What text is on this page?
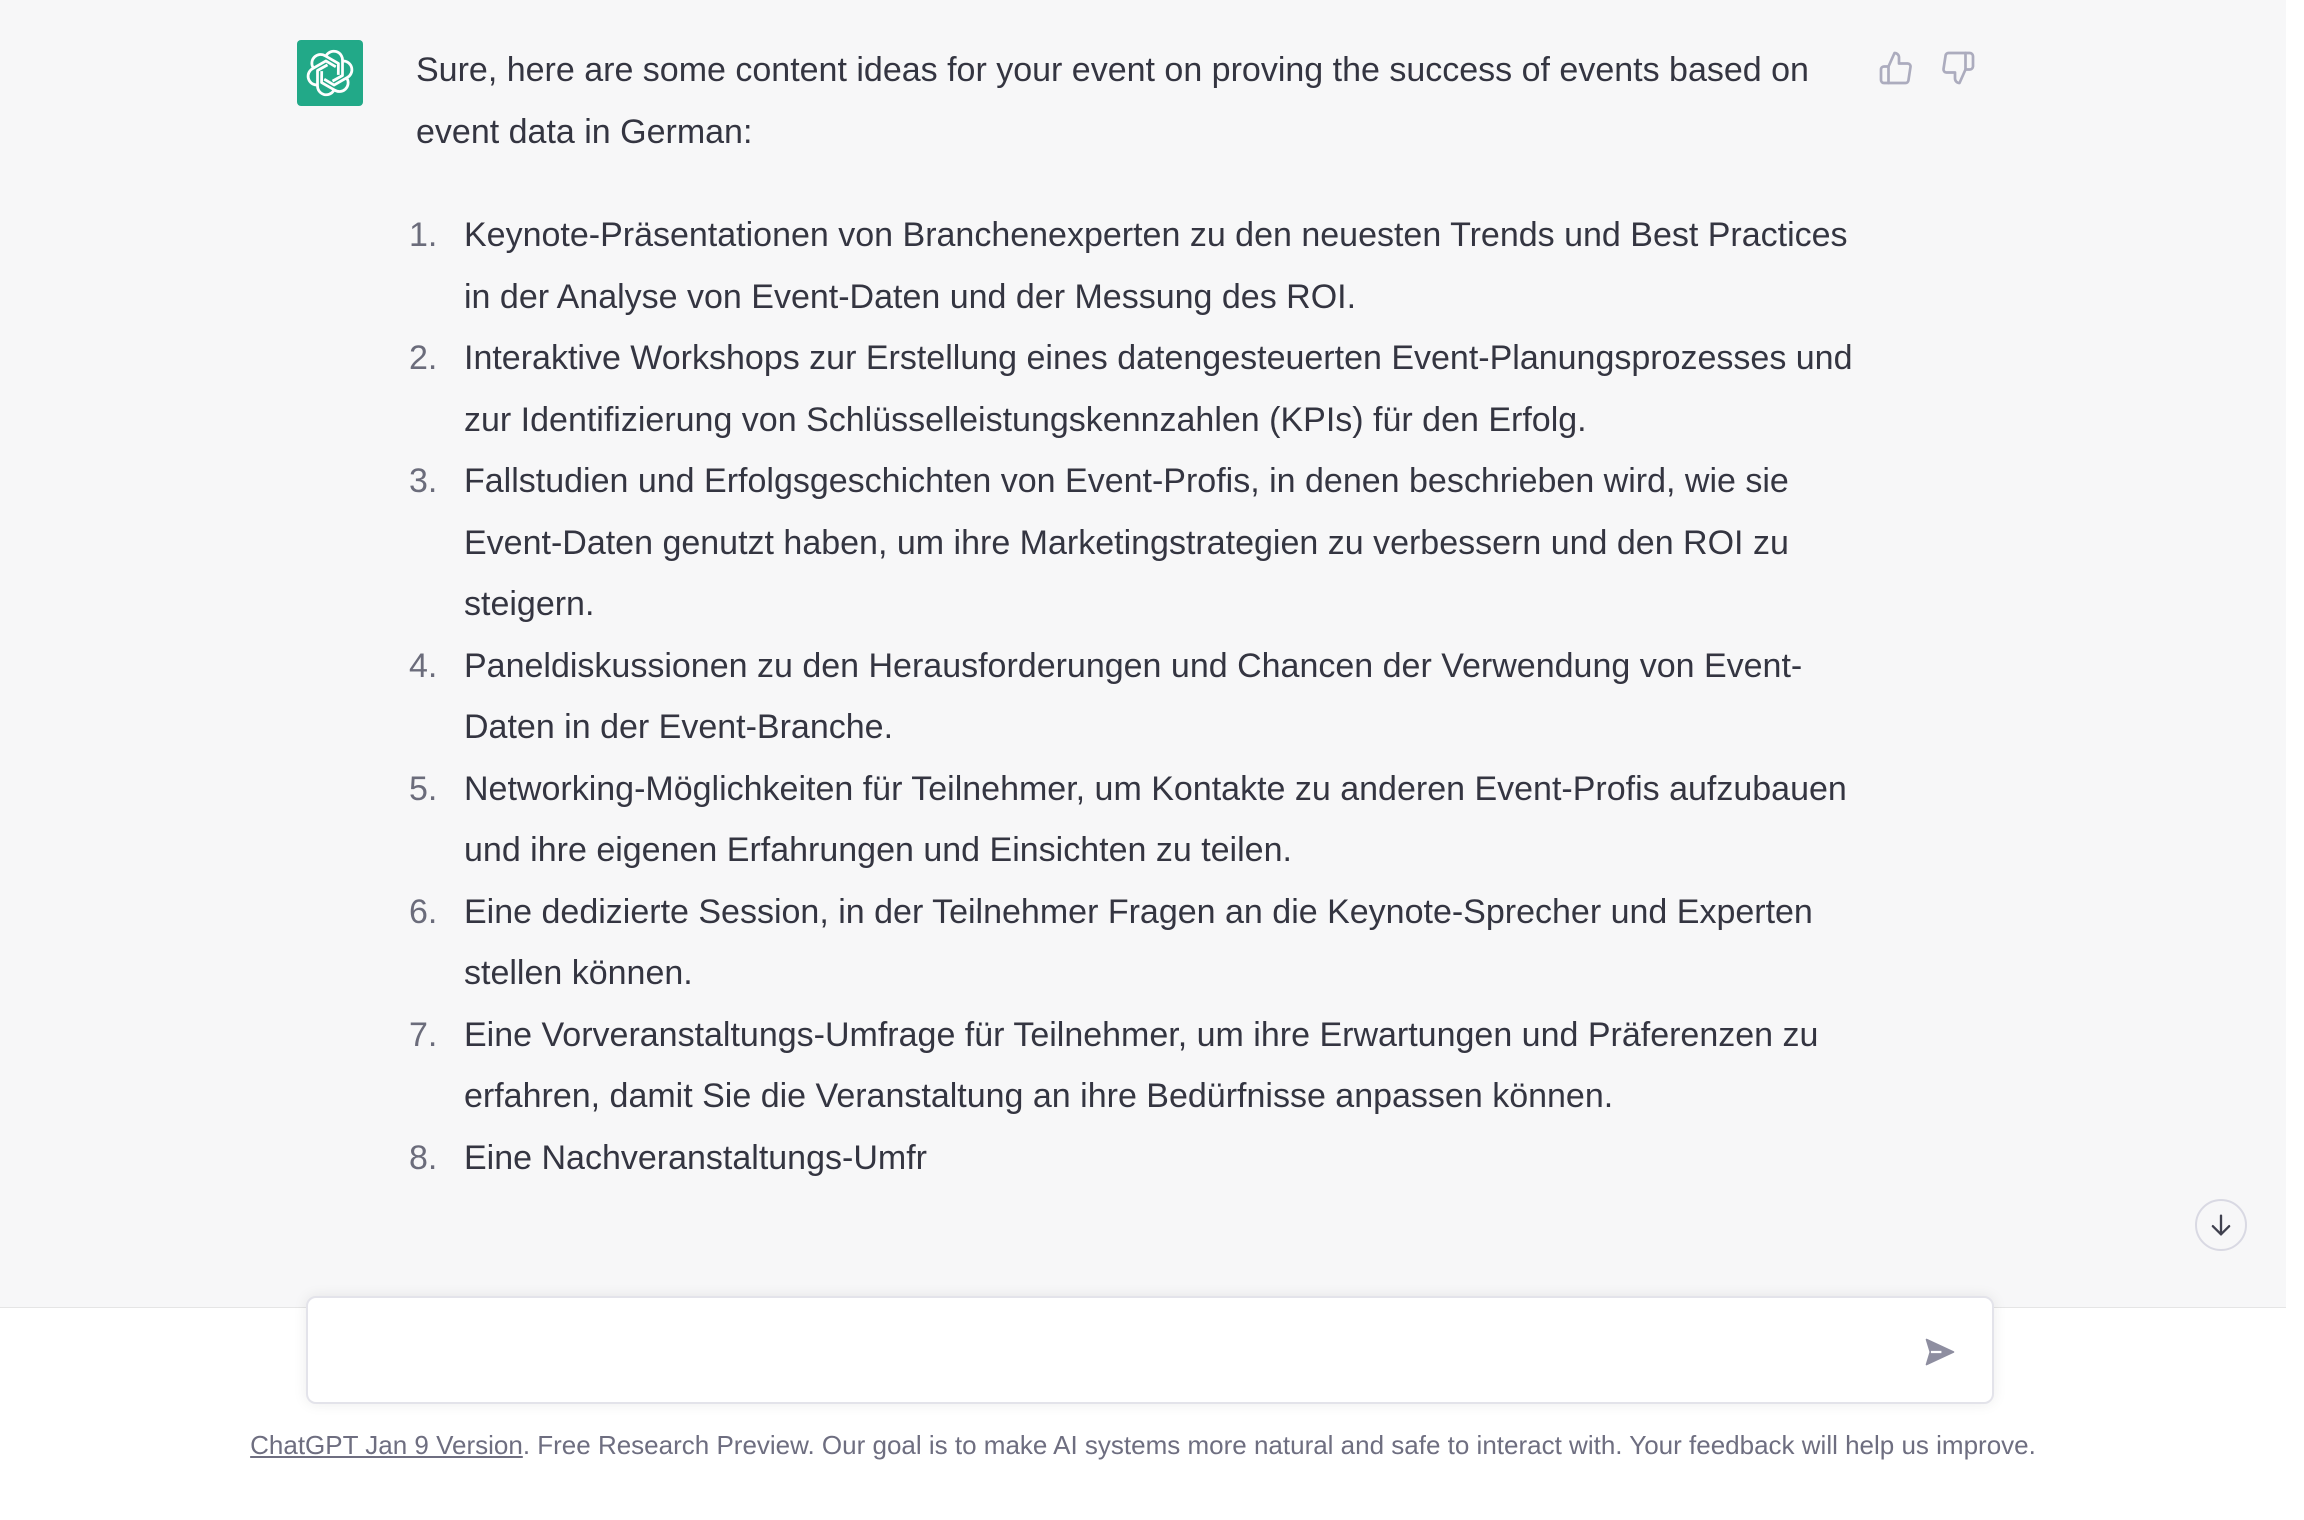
Sure, here are some content ideas for your event on proving the success of events based on event data in German:

1. Keynote-Präsentationen von Branchenexperten zu den neuesten Trends und Best Practices in der Analyse von Event-Daten und der Messung des ROI.
2. Interaktive Workshops zur Erstellung eines datengesteuerten Event-Planungsprozesses und zur Identifizierung von Schlüsselleistungskennzahlen (KPIs) für den Erfolg.
3. Fallstudien und Erfolgsgeschichten von Event-Profis, in denen beschrieben wird, wie sie Event-Daten genutzt haben, um ihre Marketingstrategien zu verbessern und den ROI zu steigern.
4. Paneldiskussionen zu den Herausforderungen und Chancen der Verwendung von Event-Daten in der Event-Branche.
5. Networking-Möglichkeiten für Teilnehmer, um Kontakte zu anderen Event-Profis aufzubauen und ihre eigenen Erfahrungen und Einsichten zu teilen.
6. Eine dedizierte Session, in der Teilnehmer Fragen an die Keynote-Sprecher und Experten stellen können.
7. Eine Vorveranstaltungs-Umfrage für Teilnehmer, um ihre Erwartungen und Präferenzen zu erfahren, damit Sie die Veranstaltung an ihre Bedürfnisse anpassen können.
8. Eine Nachveranstaltungs-Umfr
ChatGPT Jan 9 Version. Free Research Preview. Our goal is to make AI systems more natural and safe to interact with. Your feedback will help us improve.
